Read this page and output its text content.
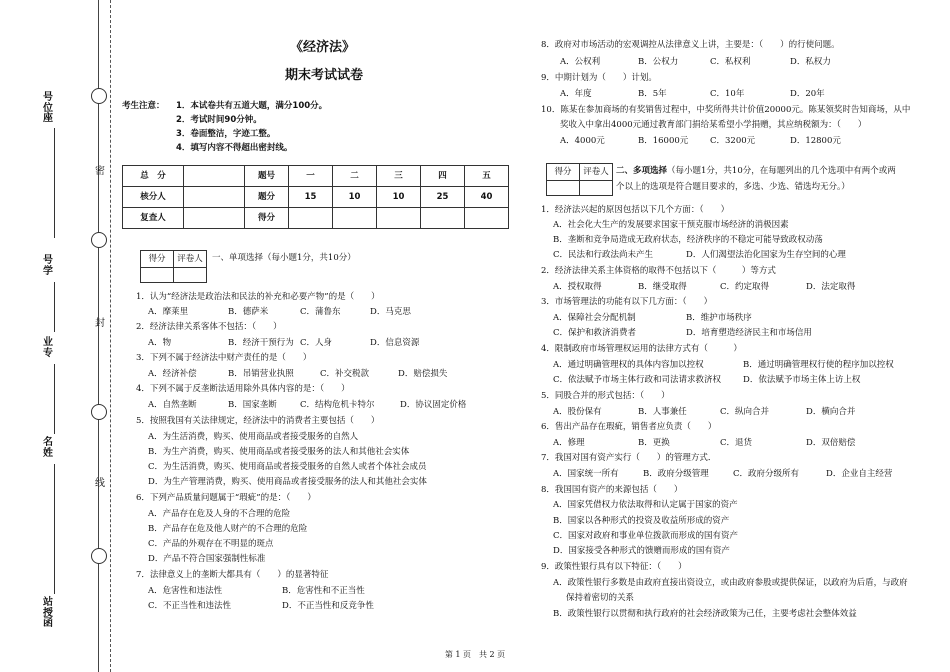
密
封
线
号位座
号学
业专
名姓
站授函
《经济法》
期末考试试卷
考生注意： 1．本试卷共有五道大题，满分100分。
2．考试时间90分钟。
3．卷面整洁，字迹工整。
4．填写内容不得超出密封线。
总　分		题号	一	二	三	四	五
核分人		题分	15	10	10	25	40
复查人		得分					
得分	评卷人
	一、单项选择（每小题1分，共10分）
1．认为“经济法是政治法和民法的补充和必要产物”的是（　　）
A．摩莱里	B．德萨米	C．蒲鲁东	D．马克思
2．经济法律关系客体不包括：（　　）
A．物	B．经济干预行为 C．人身	D．信息资源
3．下列不属于经济法中财产责任的是（　　）
A．经济补偿	B．吊销营业执照	C．补交税款	D．赔偿损失
4．下列不属于反垄断法适用除外具体内容的是：（　　）
A．自然垄断	B．国家垄断	C．结构危机卡特尔	D．协议固定价格
5．按照我国有关法律规定，经济法中的消费者主要包括（　　）
A．为生活消费，购买、使用商品或者接受服务的自然人
B．为生产消费，购买、使用商品或者接受服务的法人和其他社会实体
C．为生活消费，购买、使用商品或者接受服务的自然人或者个体社会成员
D．为生产管理消费，购买、使用商品或者接受服务的法人和其他社会实体
6．下列产品质量问题属于“瑕疵”的是：（　　）
A．产品存在危及人身的不合理的危险
B．产品存在危及他人财产的不合理的危险
C．产品的外观存在不明显的斑点
D．产品不符合国家强制性标准
7．法律意义上的垄断大都具有（　　）的显著特征
A．危害性和违法性	B．危害性和不正当性
C．不正当性和违法性	D．不正当性和反竞争性
8．政府对市场活动的宏观调控从法律意义上讲，主要是：（　　）的行使问题。
A．公权利	B．公权力	C．私权利	D．私权力
9．中期计划为（　　）计划。
A．年度	B．5年	C．10年	D．20年
10．陈某在参加商场的有奖销售过程中，中奖所得共计价值20000元。陈某领奖时告知商场，从中
奖收入中拿出4000元通过教育部门捐给某希望小学捐赠，其应纳税额为：（　　）
A．4000元	B．16000元	C．3200元	D．12800元
得分	评卷人
	二、多项选择（每小题1分，共10分，在每题列出的几个选项中有两个或两
个以上的选项是符合题目要求的，多选、少选、错选均无分。）
1．经济法兴起的原因包括以下几个方面：（　　）
A．社会化大生产的发展要求国家干预克服市场经济的消极因素
B．垄断和竞争局造成无政府状态，经济秩序的不稳定可能导致政权动荡
C．民法和行政法尚未产生	D．人们渴望法治化国家为生存空间的心理
2．经济法律关系主体资格的取得不包括以下（　　　）等方式
A．授权取得	B．继受取得	C．约定取得	D．法定取得
3．市场管理法的功能有以下几方面：（　　）
A．保障社会分配机制	B．维护市场秩序
C．保护和救济消费者	D．培育塑造经济民主和市场信用
4．限制政府市场管理权运用的法律方式有（　　　）
A．通过明确管理权的具体内容加以控权	B．通过明确管理权行使的程序加以控权
C．依法赋予市场主体行政和司法请求救济权	D．依法赋予市场主体上访上权
5．同股合并的形式包括：（　　）
A．股份保有	B．人事兼任	C．纵向合并	D．横向合并
6．售出产品存在瑕疵，销售者应负责（　　）
A．修理	B．更换	C．退货	D．双倍赔偿
7．我国对国有资产实行（　　）的管理方式．
A．国家统一所有	B．政府分级管理	C．政府分级所有	D．企业自主经营
8．我国国有资产的来源包括（　　）
A．国家凭借权力依法取得和认定属于国家的资产
B．国家以各种形式的投资及收益所形成的资产
C．国家对政府和事业单位拨款而形成的国有资产
D．国家接受各种形式的馈赠而形成的国有资产
9．政策性银行具有以下特征：（　　）
A．政策性银行多数是由政府直接出资设立，或由政府参股或提供保证，以政府为后盾，与政府
保持着密切的关系
B．政策性银行以贯彻和执行政府的社会经济政策为己任，主要考虑社会整体效益
第 1 页　共 2 页
